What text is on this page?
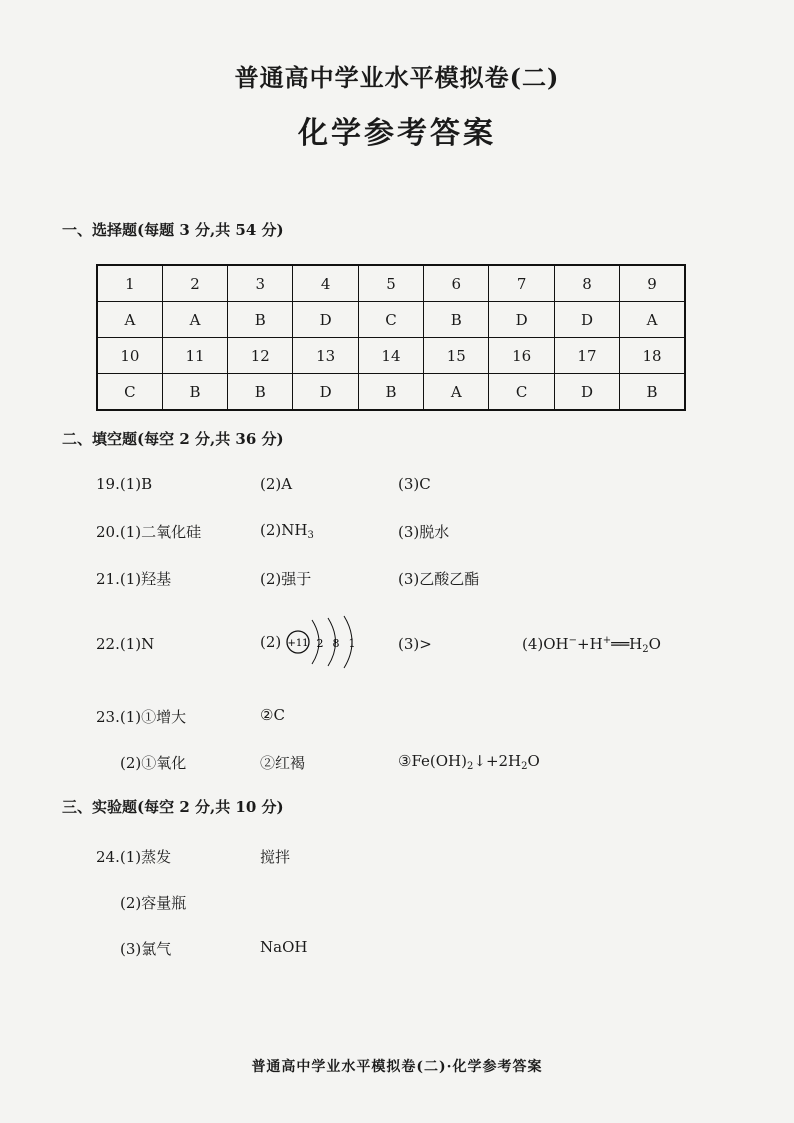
普通高中学业水平模拟卷(二)
化学参考答案
一、选择题(每题 3 分,共 54 分)
1	2	3	4	5	6	7	8	9
A	A	B	D	C	B	D	D	A
10	11	12	13	14	15	16	17	18
C	B	B	D	B	A	C	D	B
二、填空题(每空 2 分,共 36 分)
19.(1)B	(2)A	(3)C
20.(1)二氧化硅	$(2)NH_3$	(3)脱水
21.(1)羟基	(2)强于	(3)乙酸乙酯
22.(1)N	(2) +11 2 8 1	(3)>	$(4)OH^-+H^+══H_2O$
23.(1)①增大	②C
(2)①氧化	②红褐	$③Fe(OH)_2↓+2H_2O$
三、实验题(每空 2 分,共 10 分)
24.(1)蒸发	搅拌
(2)容量瓶
(3)氯气	NaOH
普通高中学业水平模拟卷(二)·化学参考答案
